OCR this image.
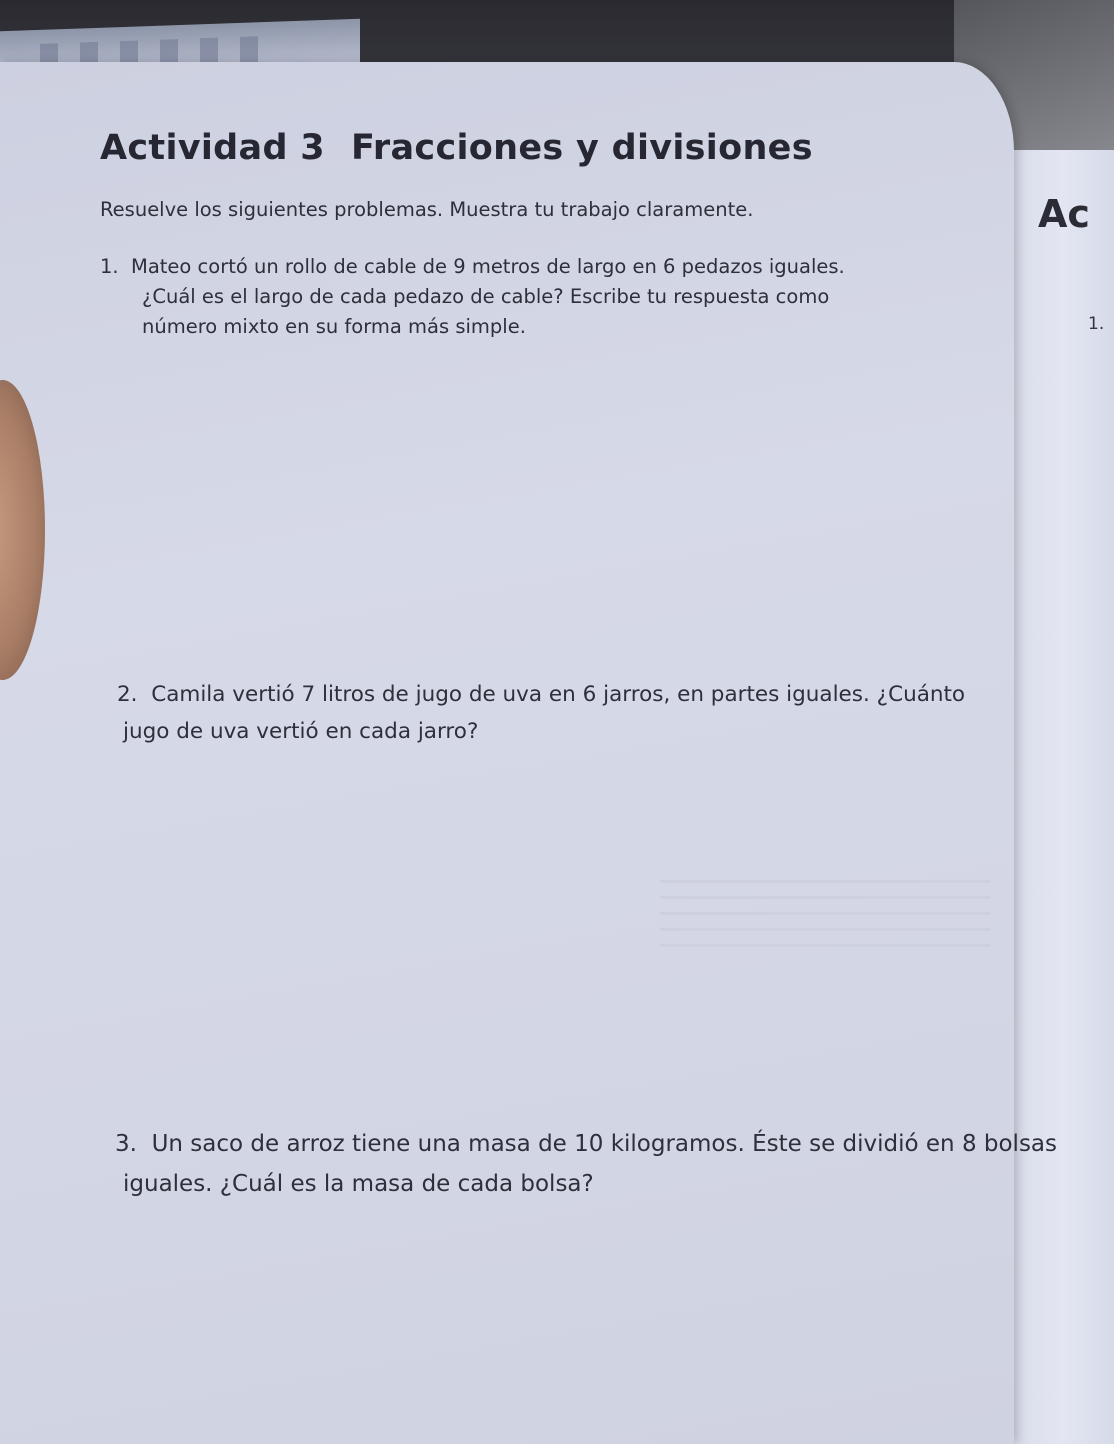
Ac
1.
Actividad 3 Fracciones y divisiones

Resuelve los siguientes problemas. Muestra tu trabajo claramente.

1. Mateo cortó un rollo de cable de 9 metros de largo en 6 pedazos iguales.
¿Cuál es el largo de cada pedazo de cable? Escribe tu respuesta como
número mixto en su forma más simple.
2. Camila vertió 7 litros de jugo de uva en 6 jarros, en partes iguales. ¿Cuánto
jugo de uva vertió en cada jarro?
3. Un saco de arroz tiene una masa de 10 kilogramos. Éste se dividió en 8 bolsas
iguales. ¿Cuál es la masa de cada bolsa?
